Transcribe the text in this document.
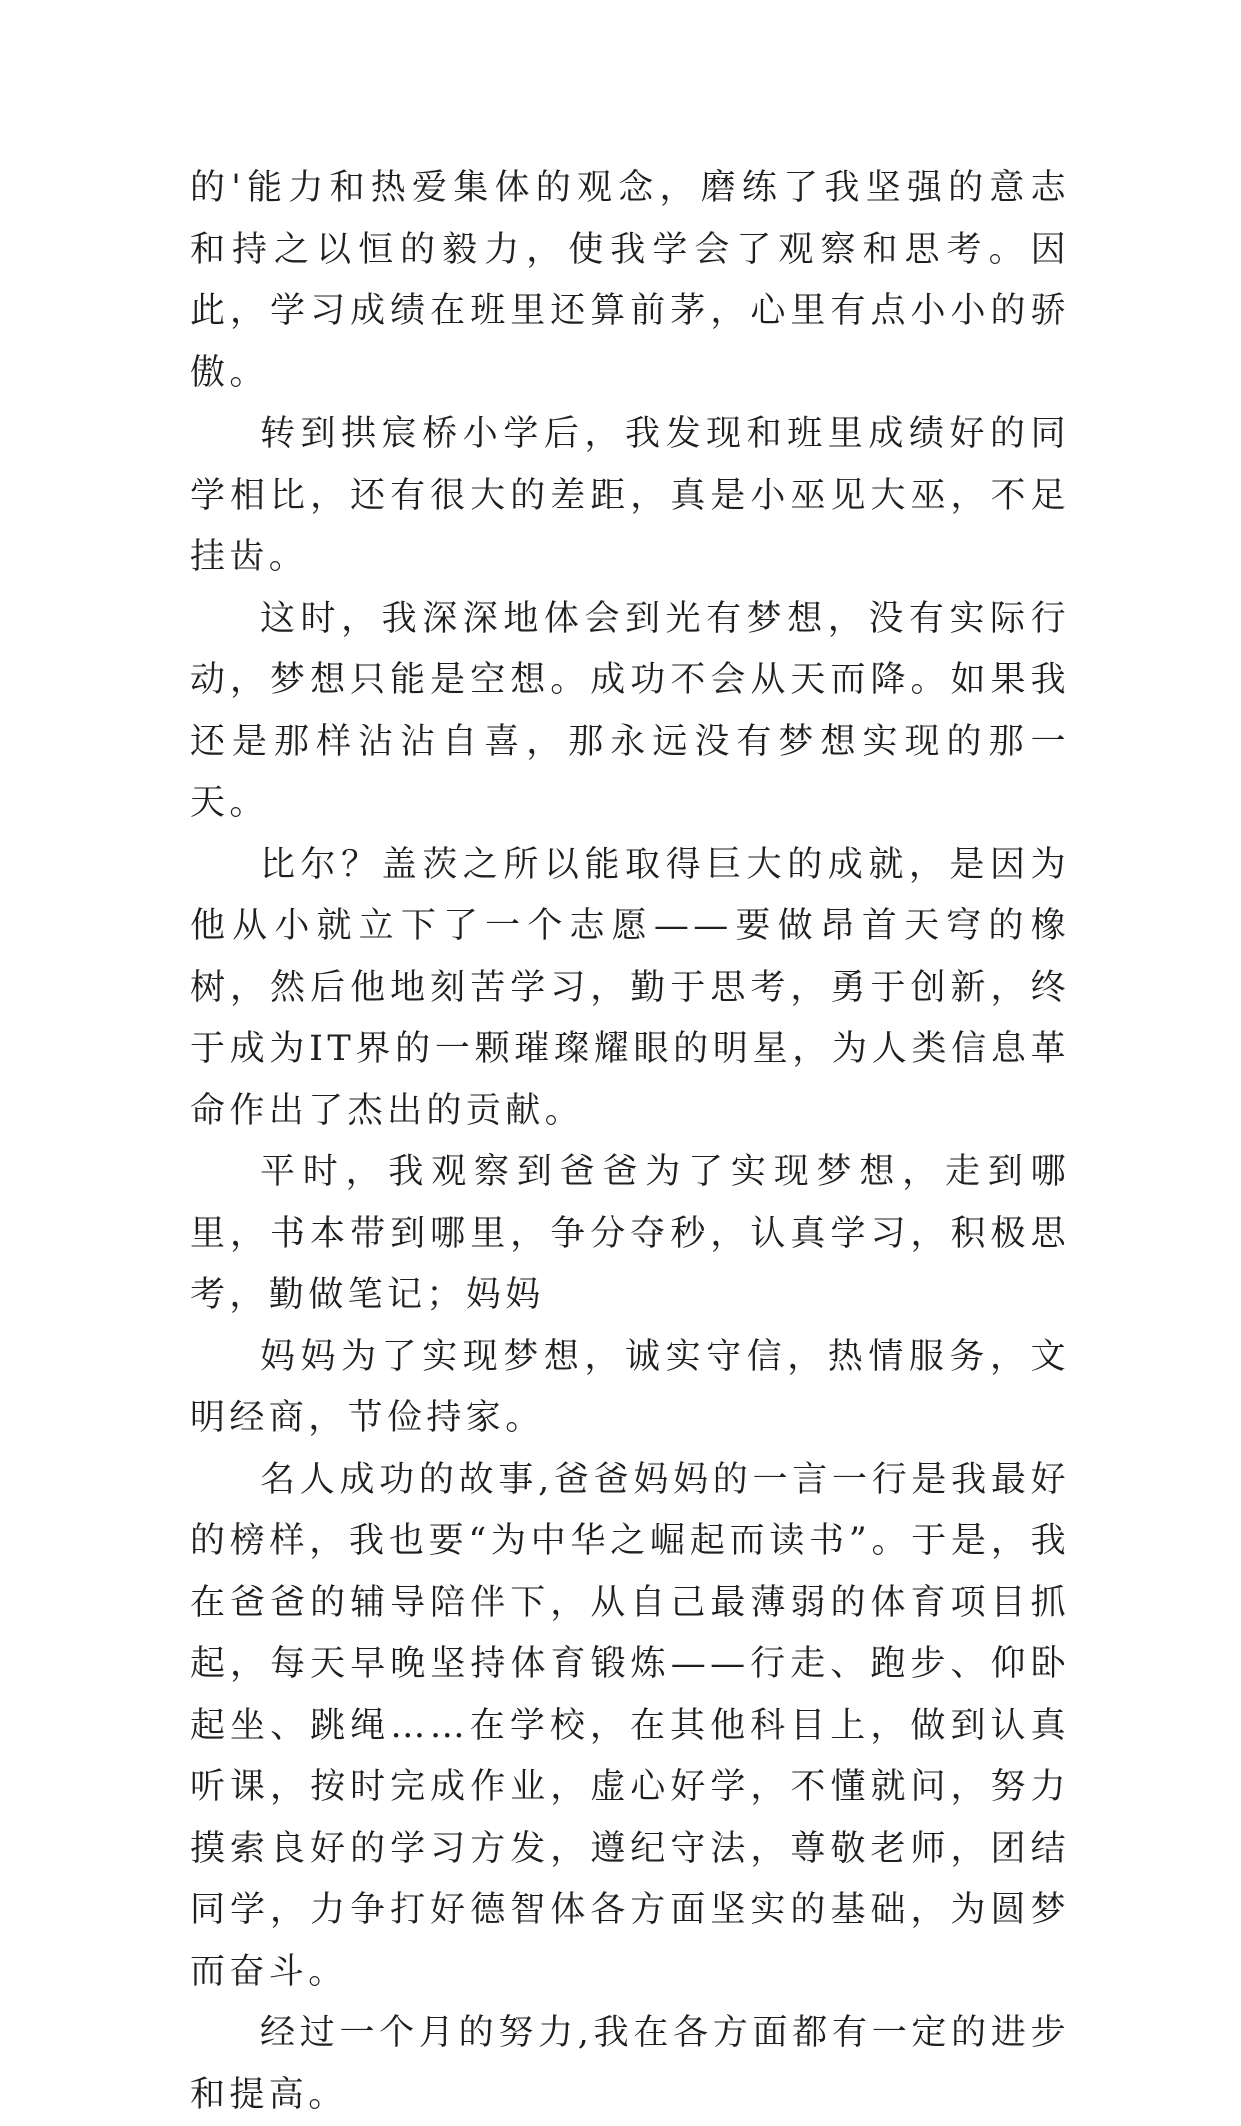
的'能力和热爱集体的观念，磨练了我坚强的意志和持之以恒的毅力，使我学会了观察和思考。因此，学习成绩在班里还算前茅，心里有点小小的骄傲。

转到拱宸桥小学后，我发现和班里成绩好的同学相比，还有很大的差距，真是小巫见大巫，不足挂齿。

这时，我深深地体会到光有梦想，没有实际行动，梦想只能是空想。成功不会从天而降。如果我还是那样沾沾自喜，那永远没有梦想实现的那一天。

比尔？盖茨之所以能取得巨大的成就，是因为他从小就立下了一个志愿——要做昂首天穹的橡树，然后他地刻苦学习，勤于思考，勇于创新，终于成为IT界的一颗璀璨耀眼的明星，为人类信息革命作出了杰出的贡献。

平时，我观察到爸爸为了实现梦想，走到哪里，书本带到哪里，争分夺秒，认真学习，积极思考，勤做笔记；妈妈

妈妈为了实现梦想，诚实守信，热情服务，文明经商，节俭持家。

名人成功的故事,爸爸妈妈的一言一行是我最好的榜样，我也要“为中华之崛起而读书”。于是，我在爸爸的辅导陪伴下，从自己最薄弱的体育项目抓起，每天早晚坚持体育锻炼——行走、跑步、仰卧起坐、跳绳……在学校，在其他科目上，做到认真听课，按时完成作业，虚心好学，不懂就问，努力摸索良好的学习方发，遵纪守法，尊敬老师，团结同学，力争打好德智体各方面坚实的基础，为圆梦而奋斗。

经过一个月的努力,我在各方面都有一定的进步和提高。
